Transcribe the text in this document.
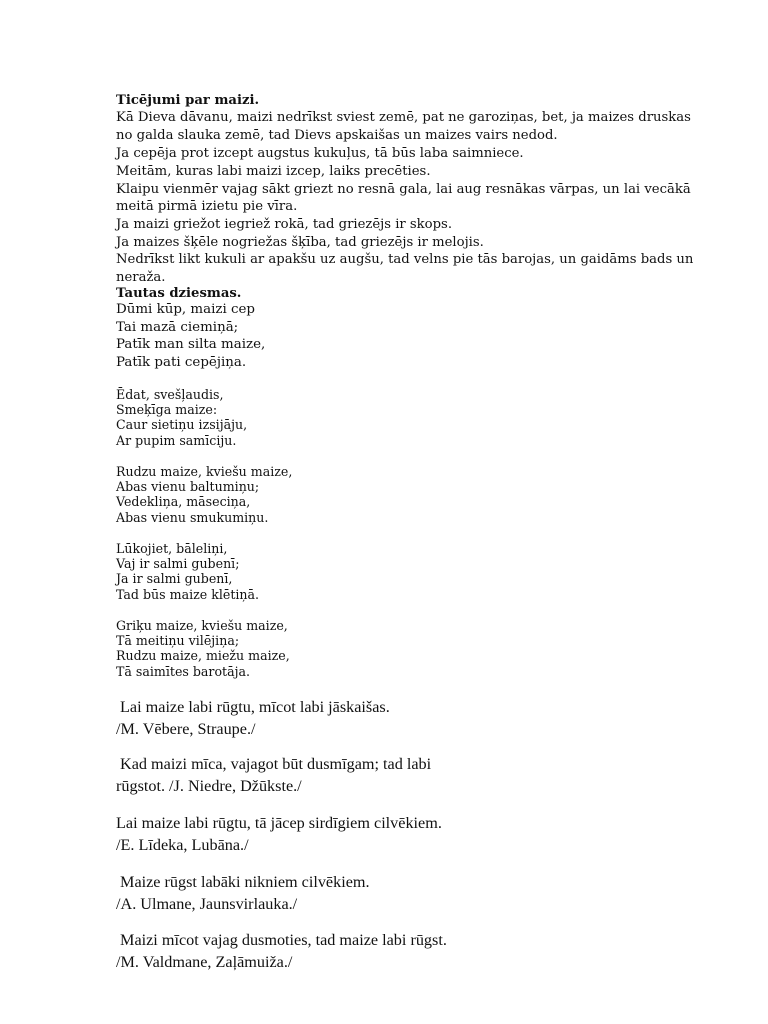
Ticējumi par maizi.

Kā Dieva dāvanu, maizi nedrīkst sviest zemē, pat ne garoziņas, bet, ja maizes druskas

no galda slauka zemē, tad Dievs apskaišas un maizes vairs nedod.

Ja cepēja prot izcept augstus kukuļus, tā būs laba saimniece.

Meitām, kuras labi maizi izcep, laiks precēties.

Klaipu vienmēr vajag sākt griezt no resnā gala, lai aug resnākas vārpas, un lai vecākā

meitā pirmā izietu pie vīra.

Ja maizi griežot iegriež rokā, tad griezējs ir skops.

Ja maizes šķēle nogriežas šķība, tad griezējs ir melojis.

Nedrīkst likt kukuli ar apakšu uz augšu, tad velns pie tās barojas, un gaidāms bads un

neraža.

Tautas dziesmas.

Dūmi kūp, maizi cep
Tai mazā ciemiņā;
Patīk man silta maize,
Patīk pati cepējiņa.
Ēdat, svešļaudis,
Smeķīga maize:
Caur sietiņu izsijāju,
Ar pupim samīciju.
Rudzu maize, kviešu maize,
Abas vienu baltumiņu;
Vedekliņa, māseciņa,
Abas vienu smukumiņu.
Lūkojiet, bāleliņi,
Vaj ir salmi gubenī;
Ja ir salmi gubenī,
Tad būs maize klētiņā.
Griķu maize, kviešu maize,
Tā meitiņu vilējiņa;
Rudzu maize, miežu maize,
Tā saimītes barotāja.
Lai maize labi rūgtu, mīcot labi jāskaišas.
/M. Vēbere, Straupe./
Kad maizi mīca, vajagot būt dusmīgam; tad labi
rūgstot. /J. Niedre, Džūkste./
Lai maize labi rūgtu, tā jācep sirdīgiem cilvēkiem.
/E. Līdeka, Lubāna./
Maize rūgst labāki nikniem cilvēkiem.
/A. Ulmane, Jaunsvirlauka./
Maizi mīcot vajag dusmoties, tad maize labi rūgst.
/M. Valdmane, Zaļāmuiža./
